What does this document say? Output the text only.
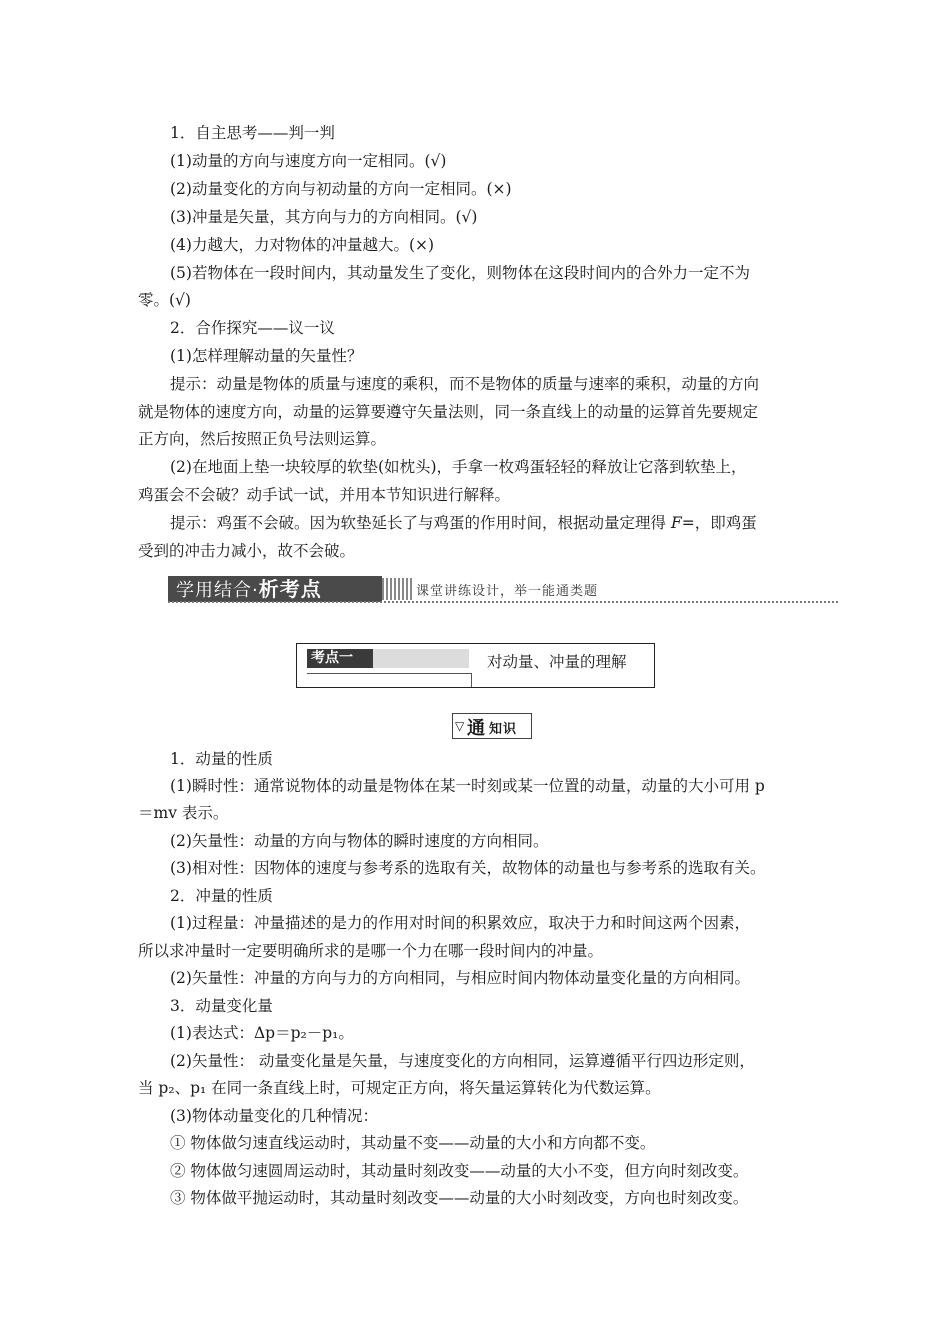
1．自主思考——判一判
(1)动量的方向与速度方向一定相同。(√)
(2)动量变化的方向与初动量的方向一定相同。(×)
(3)冲量是矢量，其方向与力的方向相同。(√)
(4)力越大，力对物体的冲量越大。(×)
(5)若物体在一段时间内，其动量发生了变化，则物体在这段时间内的合外力一定不为
零。(√)
2．合作探究——议一议
(1)怎样理解动量的矢量性？
提示：动量是物体的质量与速度的乘积，而不是物体的质量与速率的乘积，动量的方向
就是物体的速度方向，动量的运算要遵守矢量法则，同一条直线上的动量的运算首先要规定
正方向，然后按照正负号法则运算。
(2)在地面上垫一块较厚的软垫(如枕头)，手拿一枚鸡蛋轻轻的释放让它落到软垫上，
鸡蛋会不会破？动手试一试，并用本节知识进行解释。
提示：鸡蛋不会破。因为软垫延长了与鸡蛋的作用时间，根据动量定理得 F=，即鸡蛋
受到的冲击力减小，故不会破。
学用结合·析考点	课堂讲练设计，举一能通类题
考点一	对动量、冲量的理解
▽ 通 知识
1．动量的性质
(1)瞬时性：通常说物体的动量是物体在某一时刻或某一位置的动量，动量的大小可用 p
＝mv 表示。
(2)矢量性：动量的方向与物体的瞬时速度的方向相同。
(3)相对性：因物体的速度与参考系的选取有关，故物体的动量也与参考系的选取有关。
2．冲量的性质
(1)过程量：冲量描述的是力的作用对时间的积累效应，取决于力和时间这两个因素，
所以求冲量时一定要明确所求的是哪一个力在哪一段时间内的冲量。
(2)矢量性：冲量的方向与力的方向相同，与相应时间内物体动量变化量的方向相同。
3．动量变化量
(1)表达式：Δp＝p₂－p₁。
(2)矢量性： 动量变化量是矢量，与速度变化的方向相同，运算遵循平行四边形定则，
当 p₂、p₁ 在同一条直线上时，可规定正方向，将矢量运算转化为代数运算。
(3)物体动量变化的几种情况：
① 物体做匀速直线运动时，其动量不变——动量的大小和方向都不变。
② 物体做匀速圆周运动时，其动量时刻改变——动量的大小不变，但方向时刻改变。
③ 物体做平抛运动时，其动量时刻改变——动量的大小时刻改变，方向也时刻改变。
